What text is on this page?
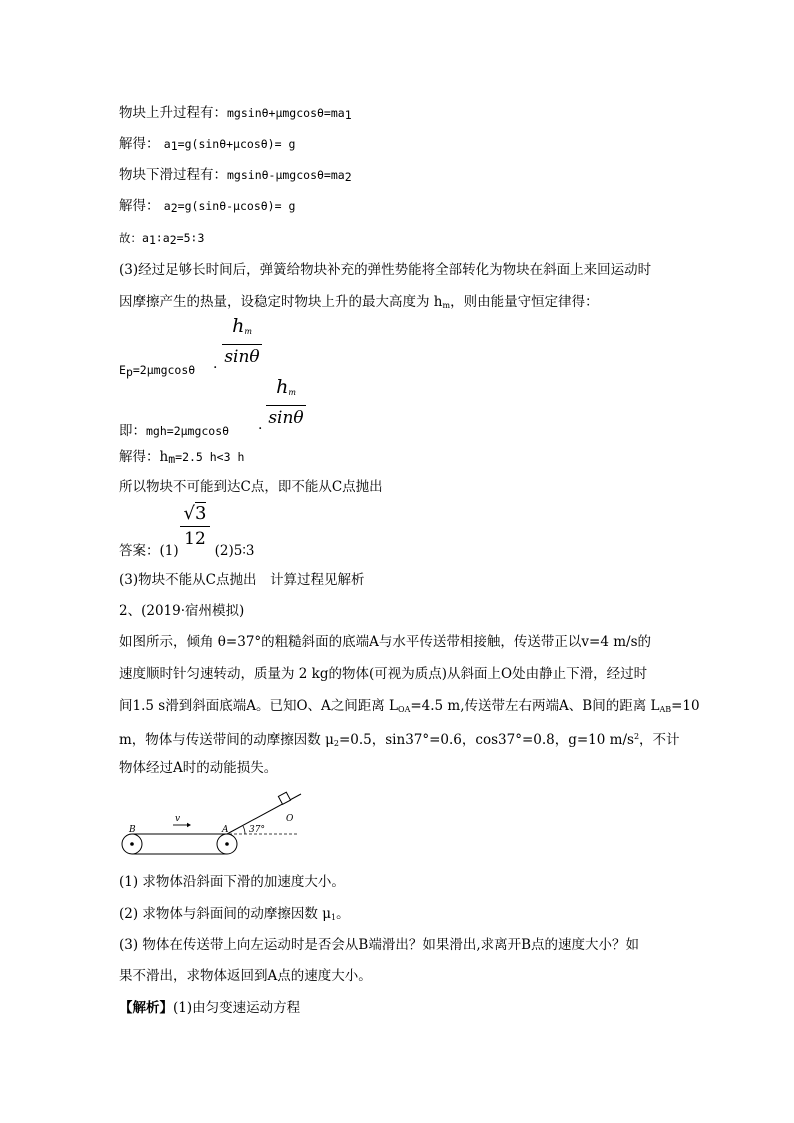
物块上升过程有：$mgsin\theta+\mu mgcos\theta=ma_1$
解得： $a_1=g(\sin\theta+\mu\cos\theta)= g$
物块下滑过程有：mgsinθ-$\mu mgcos\theta=ma_2$
解得： $a_2=g(\sin\theta-\mu\cos\theta)= g$
故：$a_1∶a_2=5∶3$
(3)经过足够长时间后，弹簧给物块补充的弹性势能将全部转化为物块在斜面上来回运动时
因摩擦产生的热量，设稳定时物块上升的最大高度为 $h_m$，则由能量守恒定律得：
$E_p=2\mu mgcos\theta$ ·
$h_m$
sinθ
即：mgh=2μmgcosθ ·
$h_m$
sinθ
解得：$h_m=2.5$ h<3 h
所以物块不可能到达C点，即不能从C点抛出
√3
12
答案：(1)	(2)5∶3
(3)物块不能从C点抛出　计算过程见解析
2、(2019·宿州模拟)
如图所示，倾角 θ=37°的粗糙斜面的底端A与水平传送带相接触，传送带正以v=4 m/s的
速度顺时针匀速转动，质量为 2 kg的物体(可视为质点)从斜面上O处由静止下滑，经过时
间1.5 s滑到斜面底端A。已知O、A之间距离 $L_{OA}=4.5$ m,传送带左右两端A、B间的距离 $L_{AB}=10$
m，物体与传送带间的动摩擦因数 $\mu_2=0.5$，sin37°=0.6，cos37°=0.8，g=10 $m/s^2$，不计
物体经过A时的动能损失。
v
B	A
O
37°
(1) 求物体沿斜面下滑的加速度大小。
(2) 求物体与斜面间的动摩擦因数 $\mu_1$。
(3) 物体在传送带上向左运动时是否会从B端滑出？如果滑出,求离开B点的速度大小？如
果不滑出，求物体返回到A点的速度大小。
【解析】(1)由匀变速运动方程
